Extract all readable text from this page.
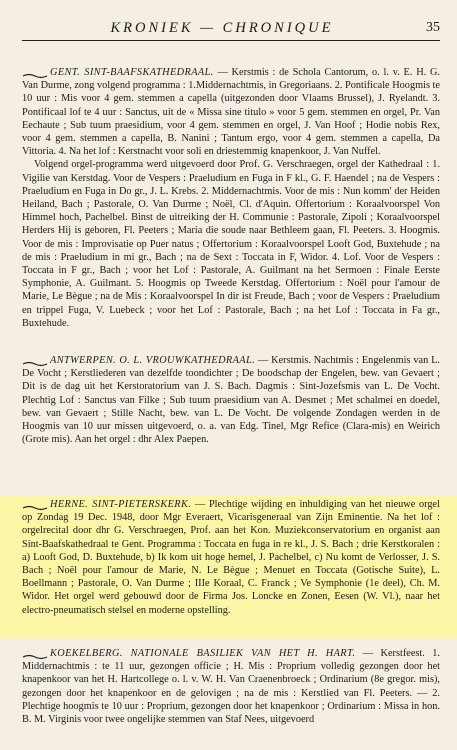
KRONIEK — CHRONIQUE	35

GENT. SINT-BAAFSKATHEDRAAL. — Kerstmis : de Schola Cantorum, o. l. v. E. H. G. Van Durme, zong volgend programma : 1.Middernachtmis, in Gregoriaans. 2. Pontificale Hoogmis te 10 uur : Mis voor 4 gem. stemmen a capella (uitgezonden door Vlaams Brussel), J. Ryelandt. 3. Pontificaal lof te 4 uur : Sanctus, uit de « Missa sine titulo » voor 5 gem. stemmen en orgel, Pr. Van Eechaute ; Sub tuum praesidium, voor 4 gem. stemmen en orgel, J. Van Hoof ; Hodie nobis Rex, voor 4 gem. stemmen a capella, B. Nanini ; Tantum ergo, voor 4 gem. stemmen a capella, Da Vittoria. 4. Na het lof : Kerstnacht voor soli en driestemmig knapenkoor, J. Van Nuffel.

Volgend orgel-programma werd uitgevoerd door Prof. G. Verschraegen, orgel der Kathedraal : 1. Vigilie van Kerstdag. Voor de Vespers : Praeludium en Fuga in F kl., G. F. Haendel ; na de Vespers : Praeludium en Fuga in Do gr., J. L. Krebs. 2. Middernachtmis. Voor de mis : Nun komm' der Heiden Heiland, Bach ; Pastorale, O. Van Durme ; Noël, Cl. d'Aquin. Offertorium : Koraalvoorspel Von Himmel hoch, Pachelbel. Binst de uitreiking der H. Communie : Pastorale, Zipoli ; Koraalvoorspel Herders Hij is geboren, Fl. Peeters ; Maria die soude naar Bethleem gaan, Fl. Peeters. 3. Hoogmis. Voor de mis : Improvisatie op Puer natus ; Offertorium : Koraalvoorspel Looft God, Buxtehude ; na de mis : Praeludium in mi gr., Bach ; na de Sext : Toccata in F, Widor. 4. Lof. Voor de Vespers : Toccata in F gr., Bach ; voor het Lof : Pastorale, A. Guilmant na het Sermoen : Finale Eerste Symphonie, A. Guilmant. 5. Hoogmis op Tweede Kerstdag. Offertorium : Noël pour l'amour de Marie, Le Bègue ; na de Mis : Koraalvoorspel In dir ist Freude, Bach ; voor de Vespers : Praeludium en trippel Fuga, V. Luebeck ; voor het Lof : Pastorale, Bach ; na het Lof : Toccata in Fa gr., Buxtehude.

ANTWERPEN. O. L. VROUWKATHEDRAAL. — Kerstmis. Nachtmis : Engelenmis van L. De Vocht ; Kerstliederen van dezelfde toondichter ; De boodschap der Engelen, bew. van Gevaert ; Dit is de dag uit het Kerstoratorium van J. S. Bach. Dagmis : Sint-Jozefsmis van L. De Vocht. Plechtig Lof : Sanctus van Filke ; Sub tuum praesidium van A. Desmet ; Met schalmei en doedel, bew. van Gevaert ; Stille Nacht, bew. van L. De Vocht. De volgende Zondagen werden in de Hoogmis van 10 uur missen uitgevoerd, o. a. van Edg. Tinel, Mgr Refice (Clara-mis) en Weirich (Grote mis). Aan het orgel : dhr Alex Paepen.

HERNE. SINT-PIETERSKERK. — Plechtige wijding en inhuldiging van het nieuwe orgel op Zondag 19 Dec. 1948, door Mgr Everaert, Vicarisgeneraal van Zijn Eminentie. Na het lof : orgelrecital door dhr G. Verschraegen, Prof. aan het Kon. Muziekconservatorium en organist aan Sint-Baafskathedraal te Gent. Programma : Toccata en fuga in re kl., J. S. Bach ; drie Kerstkoralen : a) Looft God, D. Buxtehude, b) Ik kom uit hoge hemel, J. Pachelbel, c) Nu komt de Verlosser, J. S. Bach ; Noël pour l'amour de Marie, N. Le Bègue ; Menuet en Toccata (Gotische Suite), L. Boellmann ; Pastorale, O. Van Durme ; IIIe Koraal, C. Franck ; Ve Symphonie (1e deel), Ch. M. Widor. Het orgel werd gebouwd door de Firma Jos. Loncke en Zonen, Eesen (W. Vl.), naar het electro-pneumatisch stelsel en moderne opstelling.

KOEKELBERG. NATIONALE BASILIEK VAN HET H. HART. — Kerstfeest. 1. Middernachtmis : te 11 uur, gezongen officie ; H. Mis : Proprium volledig gezongen door het knapenkoor van het H. Hartcollege o. l. v. W. H. Van Craenenbroeck ; Ordinarium (8e gregor. mis), gezongen door het knapenkoor en de gelovigen ; na de mis : Kerstlied van Fl. Peeters. — 2. Plechtige hoogmis te 10 uur : Proprium, gezongen door het knapenkoor ; Ordinarium : Missa in hon. B. M. Virginis voor twee ongelijke stemmen van Staf Nees, uitgevoerd
